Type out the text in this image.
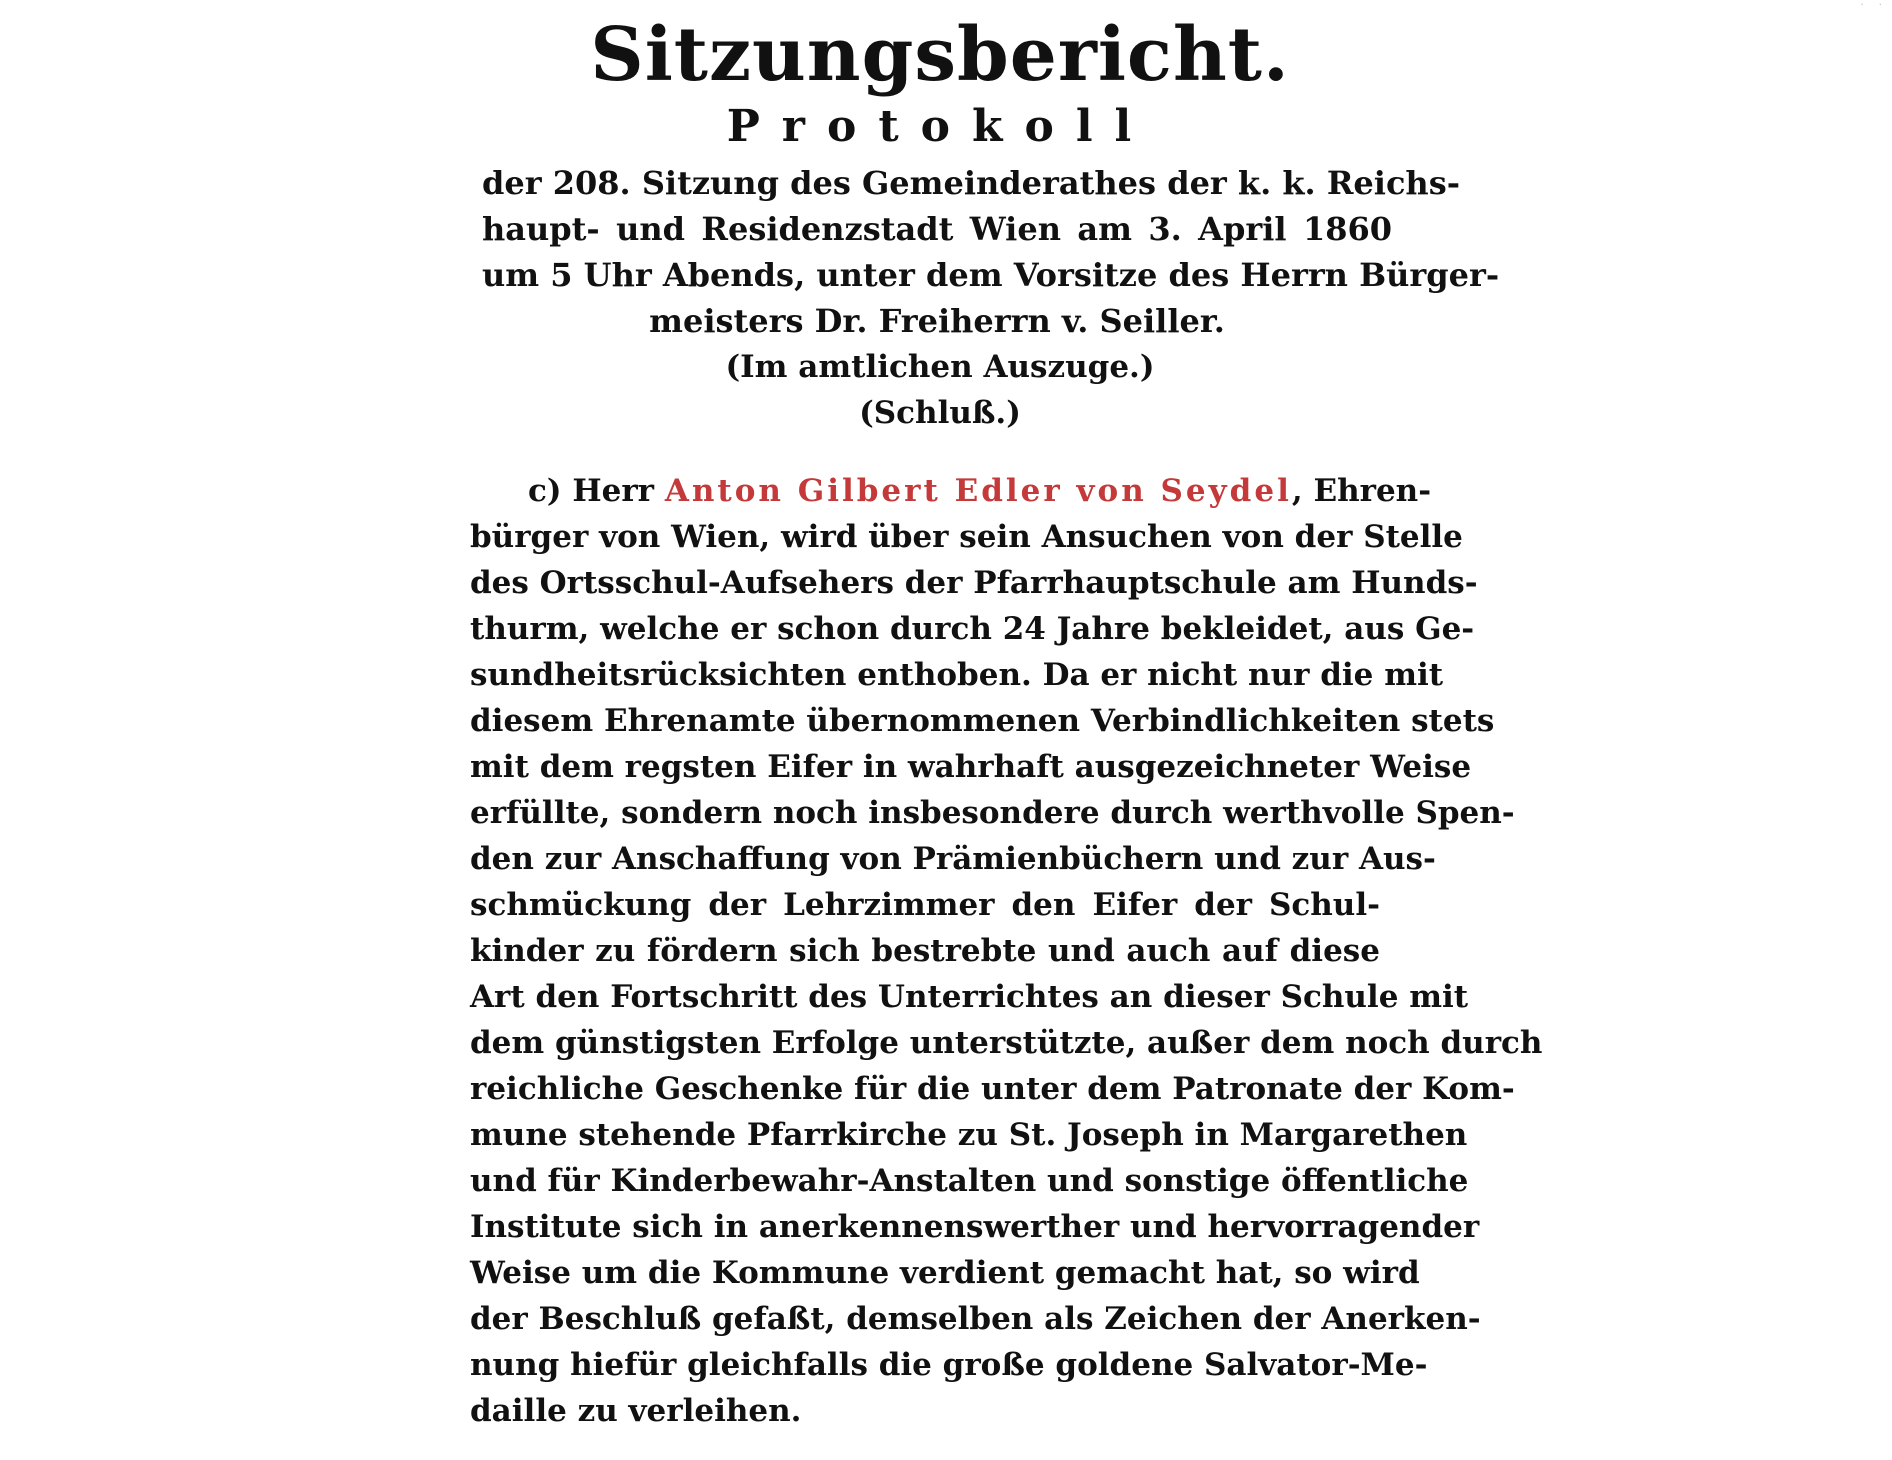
· ·
Sitzungsbericht.
Protokoll
der 208. Sitzung des Gemeinderathes der k. k. Reichs-
haupt- und Residenzstadt Wien am 3. April 1860
um 5 Uhr Abends, unter dem Vorsitze des Herrn Bürger-
meisters Dr. Freiherrn v. Seiller.
(Im amtlichen Auszuge.)
(Schluß.)
c) Herr Anton Gilbert Edler von Seydel, Ehren-
bürger von Wien, wird über sein Ansuchen von der Stelle
des Ortsschul-Aufsehers der Pfarrhauptschule am Hunds-
thurm, welche er schon durch 24 Jahre bekleidet, aus Ge-
sundheitsrücksichten enthoben. Da er nicht nur die mit
diesem Ehrenamte übernommenen Verbindlichkeiten stets
mit dem regsten Eifer in wahrhaft ausgezeichneter Weise
erfüllte, sondern noch insbesondere durch werthvolle Spen-
den zur Anschaffung von Prämienbüchern und zur Aus-
schmückung der Lehrzimmer den Eifer der Schul-
kinder zu fördern sich bestrebte und auch auf diese
Art den Fortschritt des Unterrichtes an dieser Schule mit
dem günstigsten Erfolge unterstützte, außer dem noch durch
reichliche Geschenke für die unter dem Patronate der Kom-
mune stehende Pfarrkirche zu St. Joseph in Margarethen
und für Kinderbewahr-Anstalten und sonstige öffentliche
Institute sich in anerkennenswerther und hervorragender
Weise um die Kommune verdient gemacht hat, so wird
der Beschluß gefaßt, demselben als Zeichen der Anerken-
nung hiefür gleichfalls die große goldene Salvator-Me-
daille zu verleihen.
